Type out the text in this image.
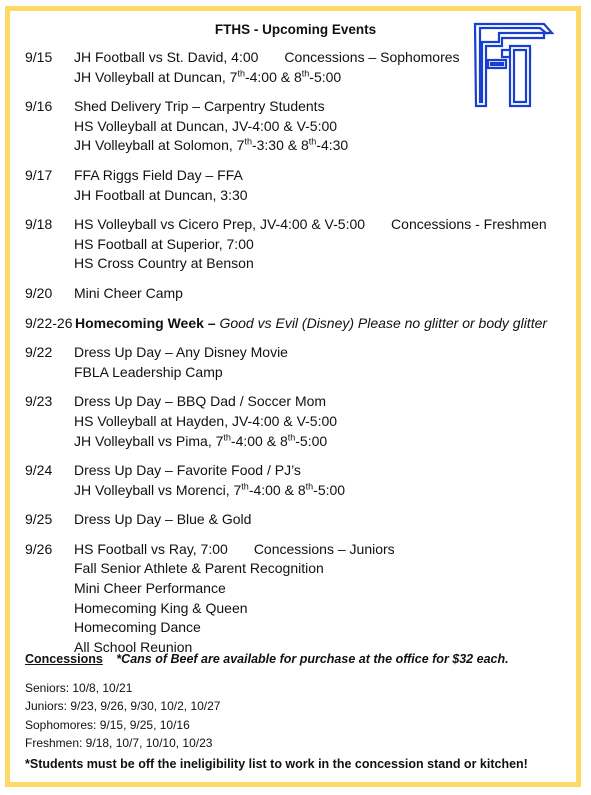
FTHS - Upcoming Events
9/15	JH Football vs St. David, 4:00 Concessions – Sophomores
JH Volleyball at Duncan, 7th-4:00 & 8th-5:00
9/16	Shed Delivery Trip – Carpentry Students
HS Volleyball at Duncan, JV-4:00 & V-5:00
JH Volleyball at Solomon, 7th-3:30 & 8th-4:30
9/17	FFA Riggs Field Day – FFA
JH Football at Duncan, 3:30
9/18	HS Volleyball vs Cicero Prep, JV-4:00 & V-5:00 Concessions - Freshmen
HS Football at Superior, 7:00
HS Cross Country at Benson
9/20	Mini Cheer Camp
9/22-26 Homecoming Week – Good vs Evil (Disney) Please no glitter or body glitter
9/22	Dress Up Day – Any Disney Movie
FBLA Leadership Camp
9/23	Dress Up Day – BBQ Dad / Soccer Mom
HS Volleyball at Hayden, JV-4:00 & V-5:00
JH Volleyball vs Pima, 7th-4:00 & 8th-5:00
9/24	Dress Up Day – Favorite Food / PJ’s
JH Volleyball vs Morenci, 7th-4:00 & 8th-5:00
9/25	Dress Up Day – Blue & Gold
9/26	HS Football vs Ray, 7:00 Concessions – Juniors
Fall Senior Athlete & Parent Recognition
Mini Cheer Performance
Homecoming King & Queen
Homecoming Dance
All School Reunion
Concessions *Cans of Beef are available for purchase at the office for $32 each.
Seniors: 10/8, 10/21
Juniors: 9/23, 9/26, 9/30, 10/2, 10/27
Sophomores: 9/15, 9/25, 10/16
Freshmen: 9/18, 10/7, 10/10, 10/23
*Students must be off the ineligibility list to work in the concession stand or kitchen!
